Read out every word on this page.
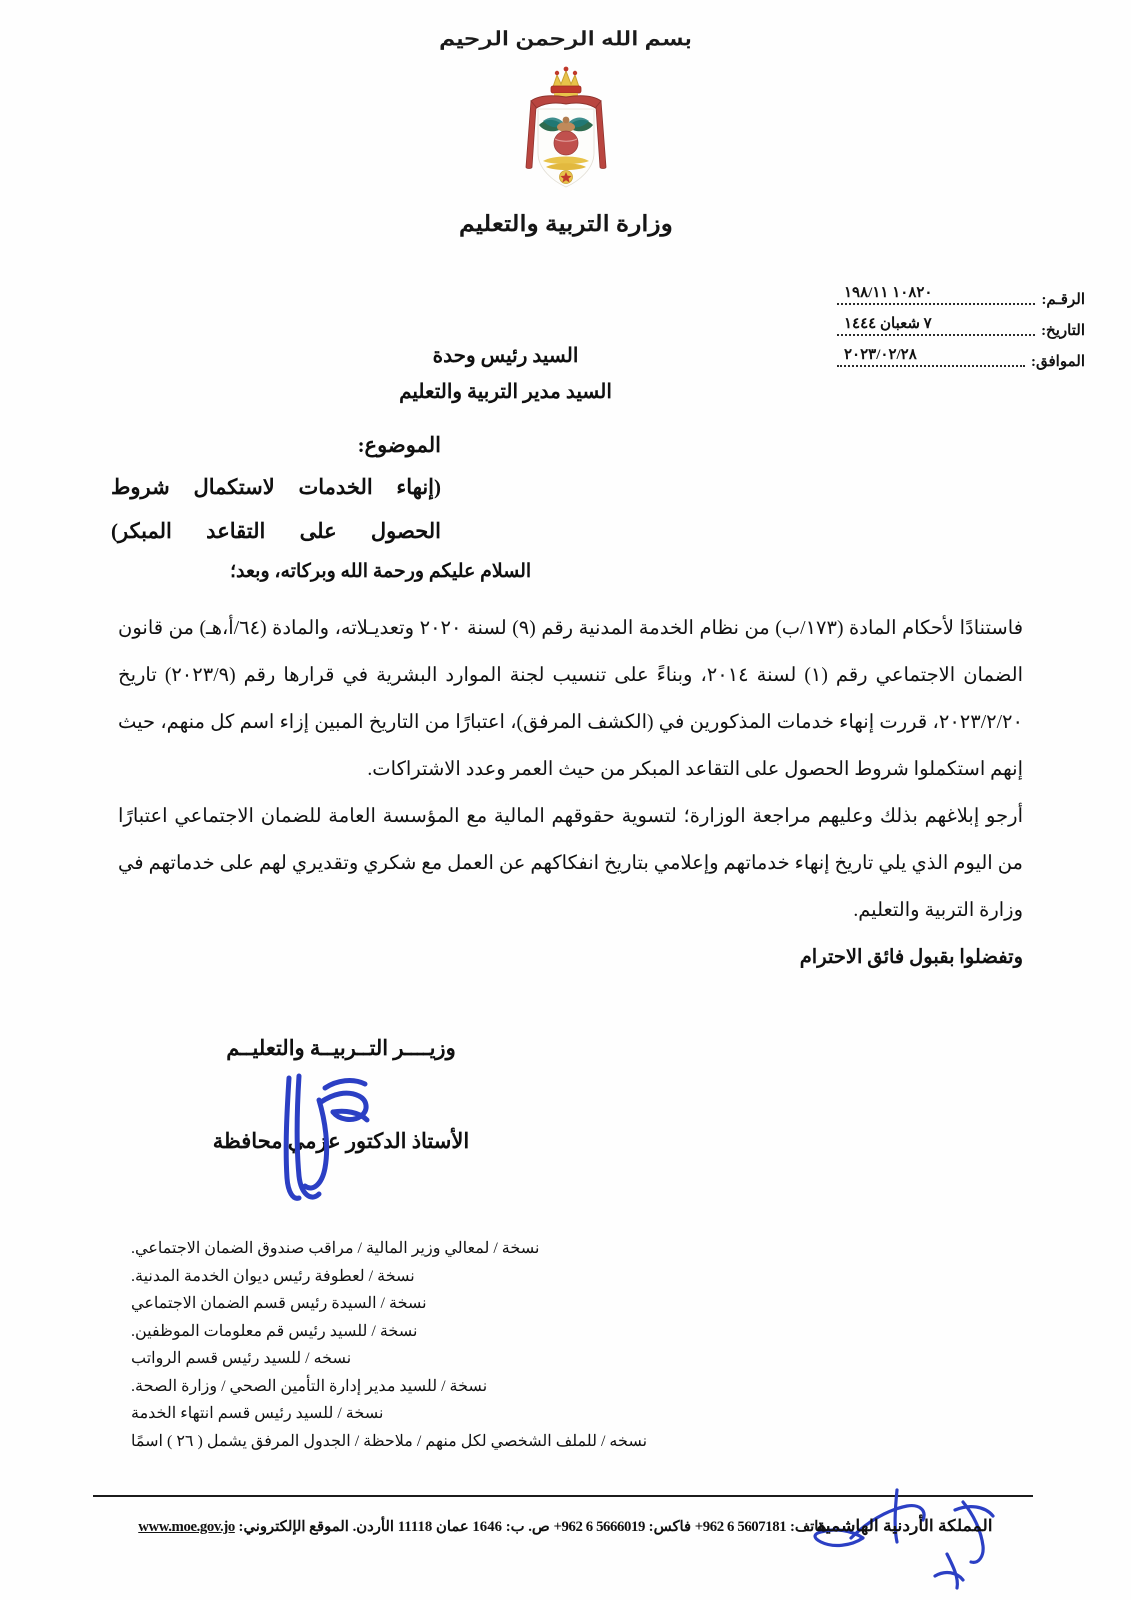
بسم الله الرحمن الرحيم
وزارة التربية والتعليم
الرقـم:
١٠٨٢٠ ١٩٨/١١
التاريخ:
٧ شعبان ١٤٤٤
الموافق:
٢٠٢٣/٠٢/٢٨
السيد رئيس وحدة
السيد مدير التربية والتعليم
الموضوع:
(إنهاء الخدمات لاستكمال شروط
الحصول على التقاعد المبكر)
السلام عليكم ورحمة الله وبركاته، وبعد؛

فاستنادًا لأحكام المادة (١٧٣/ب) من نظام الخدمة المدنية رقم (٩) لسنة ٢٠٢٠ وتعديـلاته، والمادة (٦٤/أ،هـ) من قانون الضمان الاجتماعي رقم (١) لسنة ٢٠١٤، وبناءً على تنسيب لجنة الموارد البشرية في قرارها رقم (٢٠٢٣/٩) تاريخ ٢٠٢٣/٢/٢٠، قررت إنهاء خدمات المذكورين في (الكشف المرفق)، اعتبارًا من التاريخ المبين إزاء اسم كل منهم، حيث إنهم استكملوا شروط الحصول على التقاعد المبكر من حيث العمر وعدد الاشتراكات.

أرجو إبلاغهم بذلك وعليهم مراجعة الوزارة؛ لتسوية حقوقهم المالية مع المؤسسة العامة للضمان الاجتماعي اعتبارًا من اليوم الذي يلي تاريخ إنهاء خدماتهم وإعلامي بتاريخ انفكاكهم عن العمل مع شكري وتقديري لهم على خدماتهم في وزارة التربية والتعليم.

وتفضلوا بقبول فائق الاحترام

وزيــــر التــربيــة والتعليــم
الأستاذ الدكتور عزمي محافظة
نسخة / لمعالي وزير المالية / مراقب صندوق الضمان الاجتماعي.
نسخة / لعطوفة رئيس ديوان الخدمة المدنية.
نسخة / السيدة رئيس قسم الضمان الاجتماعي
نسخة / للسيد رئيس قم معلومات الموظفين.
نسخه / للسيد رئيس قسم الرواتب
نسخة / للسيد مدير إدارة التأمين الصحي / وزارة الصحة.
نسخة / للسيد رئيس قسم انتهاء الخدمة
نسخه / للملف الشخصي لكل منهم / ملاحظة / الجدول المرفق يشمل ( ٢٦ ) اسمًا
المملكة الأردنية الهاشمية هاتف: +962 6 5607181 فاكس: +962 6 5666019 ص. ب: 1646 عمان 11118 الأردن. الموقع الإلكتروني: www.moe.gov.jo
